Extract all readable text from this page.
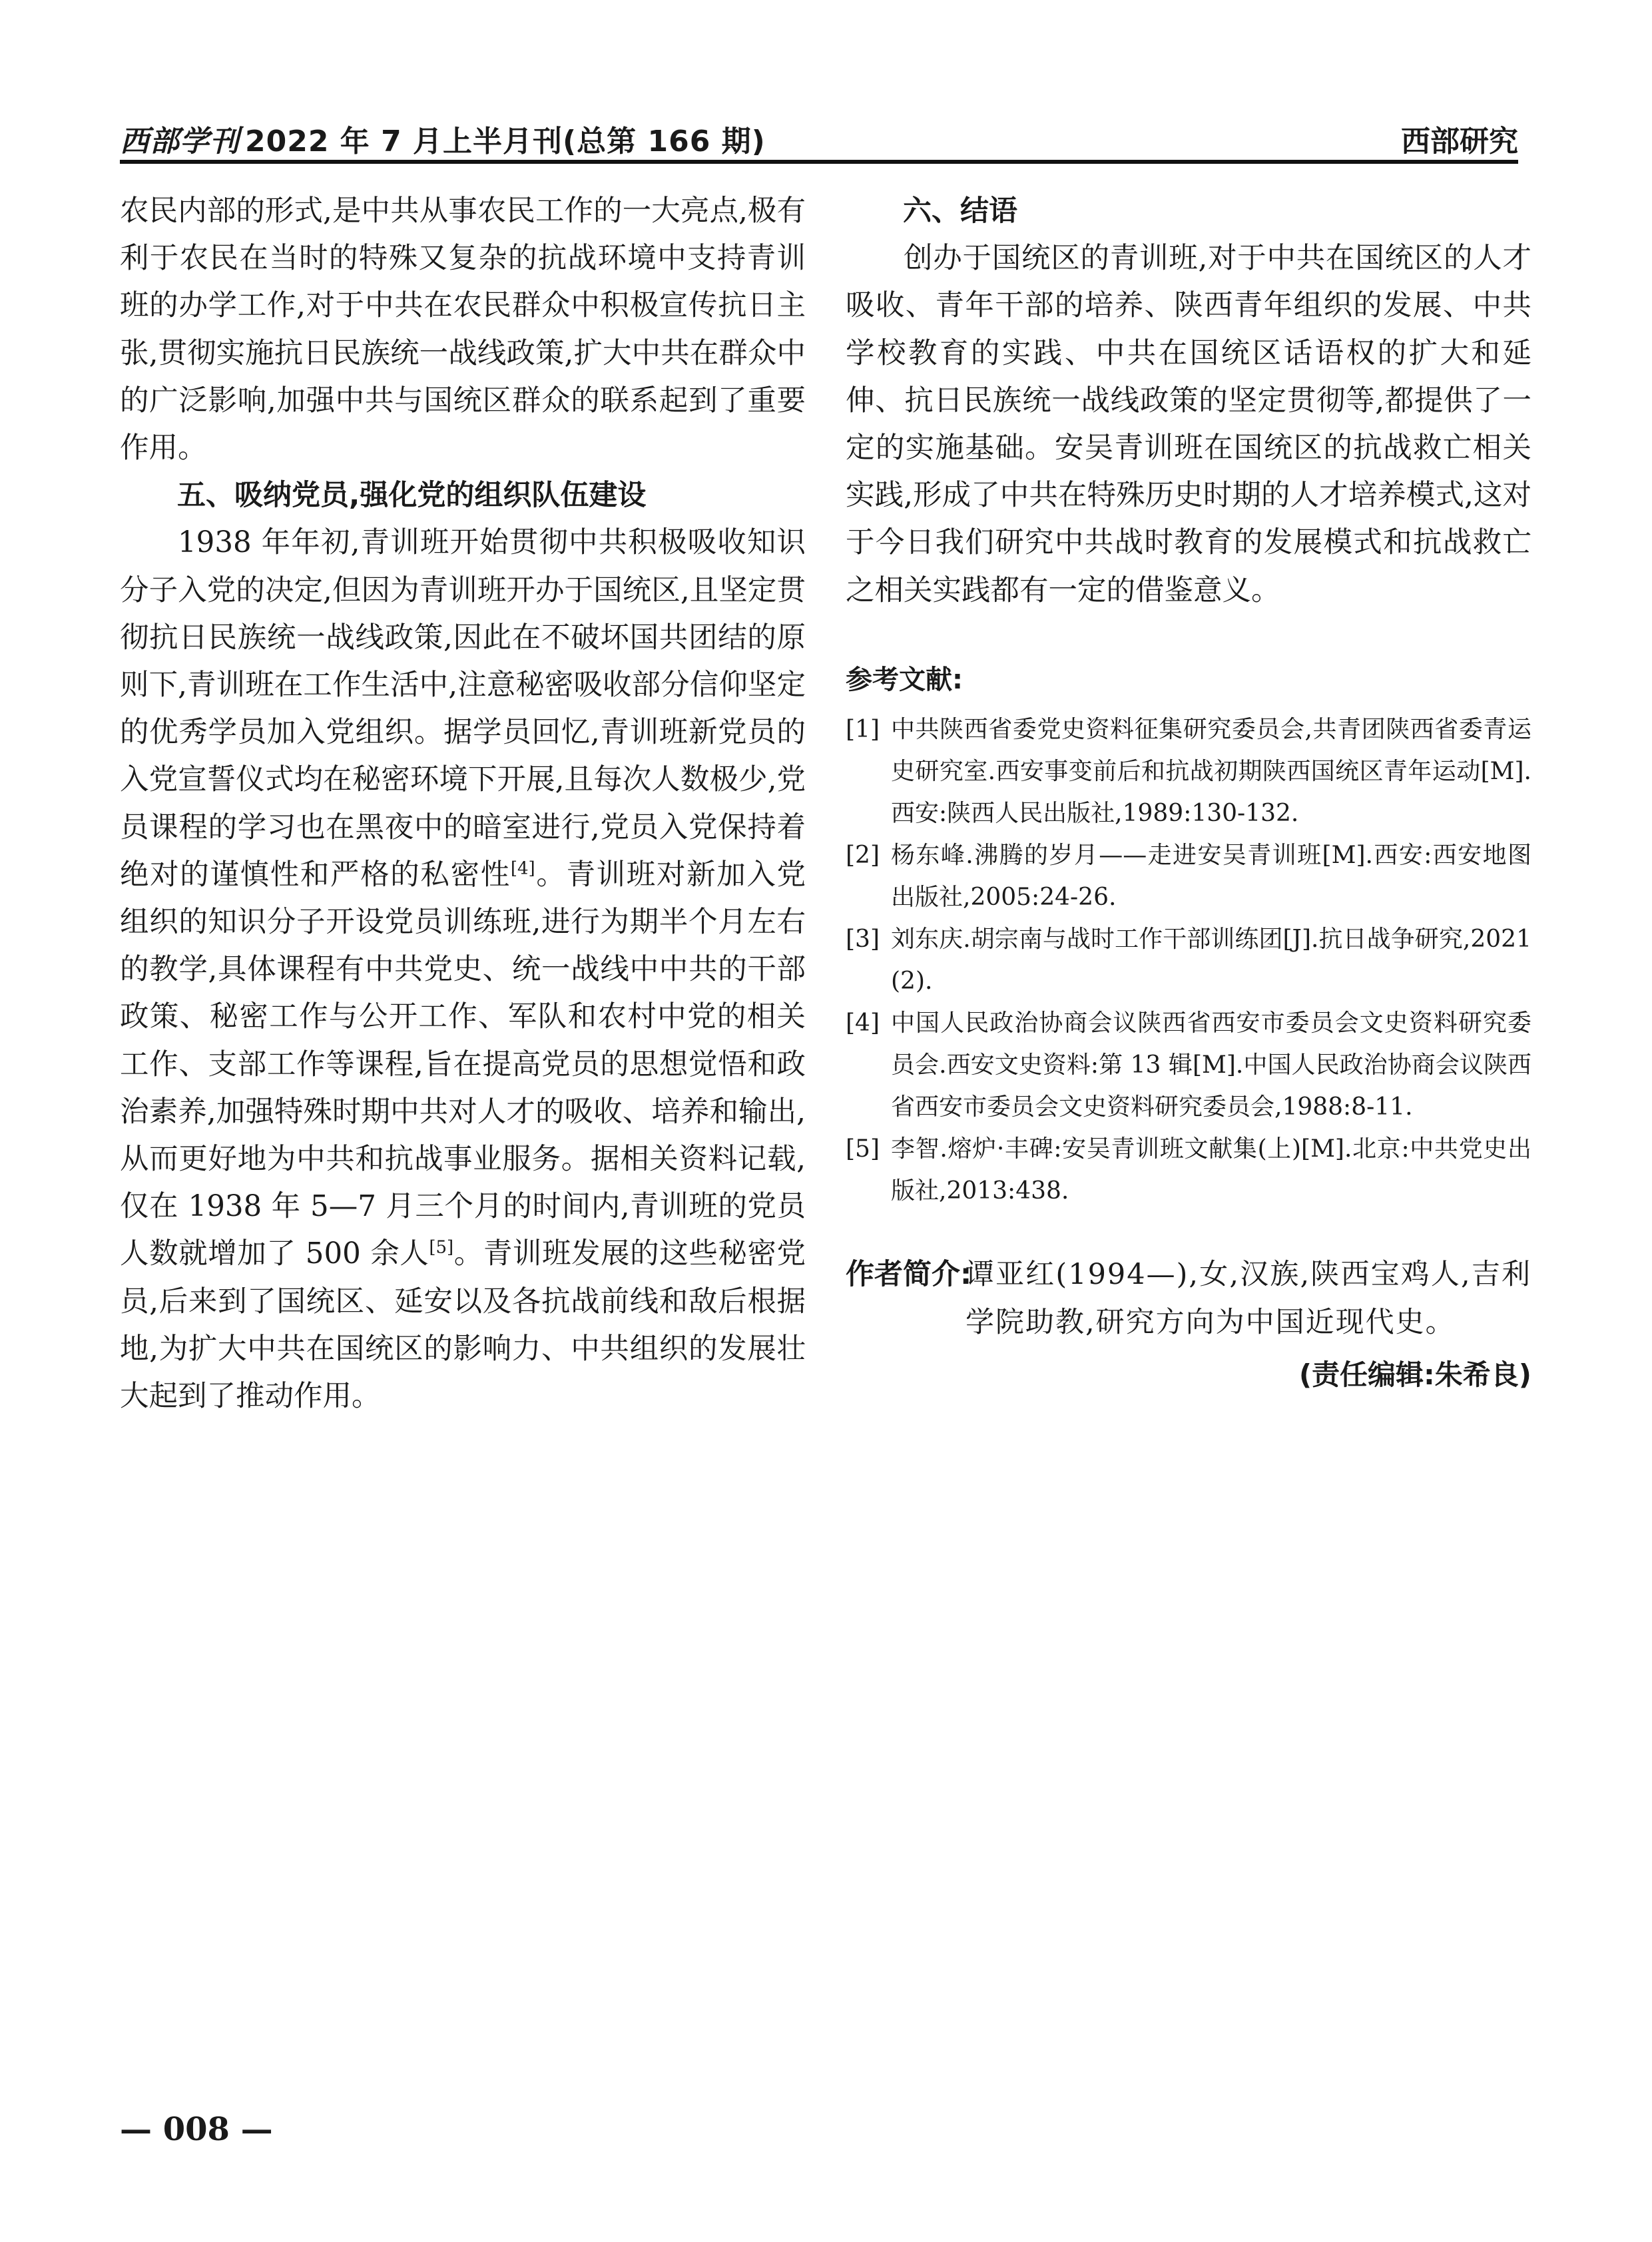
西部学刊 2022 年 7 月上半月刊(总第 166 期)	西部研究

农民内部的形式,是中共从事农民工作的一大亮点,极有利于农民在当时的特殊又复杂的抗战环境中支持青训班的办学工作,对于中共在农民群众中积极宣传抗日主张,贯彻实施抗日民族统一战线政策,扩大中共在群众中的广泛影响,加强中共与国统区群众的联系起到了重要作用。

五、吸纳党员,强化党的组织队伍建设

1938 年年初,青训班开始贯彻中共积极吸收知识分子入党的决定,但因为青训班开办于国统区,且坚定贯彻抗日民族统一战线政策,因此在不破坏国共团结的原则下,青训班在工作生活中,注意秘密吸收部分信仰坚定的优秀学员加入党组织。据学员回忆,青训班新党员的入党宣誓仪式均在秘密环境下开展,且每次人数极少,党员课程的学习也在黑夜中的暗室进行,党员入党保持着绝对的谨慎性和严格的私密性[4]。青训班对新加入党组织的知识分子开设党员训练班,进行为期半个月左右的教学,具体课程有中共党史、统一战线中中共的干部政策、秘密工作与公开工作、军队和农村中党的相关工作、支部工作等课程,旨在提高党员的思想觉悟和政治素养,加强特殊时期中共对人才的吸收、培养和输出,从而更好地为中共和抗战事业服务。据相关资料记载,仅在 1938 年 5—7 月三个月的时间内,青训班的党员人数就增加了 500 余人[5]。青训班发展的这些秘密党员,后来到了国统区、延安以及各抗战前线和敌后根据地,为扩大中共在国统区的影响力、中共组织的发展壮大起到了推动作用。

六、结语

创办于国统区的青训班,对于中共在国统区的人才吸收、青年干部的培养、陕西青年组织的发展、中共学校教育的实践、中共在国统区话语权的扩大和延伸、抗日民族统一战线政策的坚定贯彻等,都提供了一定的实施基础。安吴青训班在国统区的抗战救亡相关实践,形成了中共在特殊历史时期的人才培养模式,这对于今日我们研究中共战时教育的发展模式和抗战救亡之相关实践都有一定的借鉴意义。

参考文献:
[1] 中共陕西省委党史资料征集研究委员会,共青团陕西省委青运史研究室.西安事变前后和抗战初期陕西国统区青年运动[M].西安:陕西人民出版社,1989:130-132.
[2] 杨东峰.沸腾的岁月——走进安吴青训班[M].西安:西安地图出版社,2005:24-26.
[3] 刘东庆.胡宗南与战时工作干部训练团[J].抗日战争研究,2021(2).
[4] 中国人民政治协商会议陕西省西安市委员会文史资料研究委员会.西安文史资料:第 13 辑[M].中国人民政治协商会议陕西省西安市委员会文史资料研究委员会,1988:8-11.
[5] 李智.熔炉·丰碑:安吴青训班文献集(上)[M].北京:中共党史出版社,2013:438.
作者简介:
谭亚红(1994—),女,汉族,陕西宝鸡人,吉利学院助教,研究方向为中国近现代史。
(责任编辑:朱希良)
— 008 —
